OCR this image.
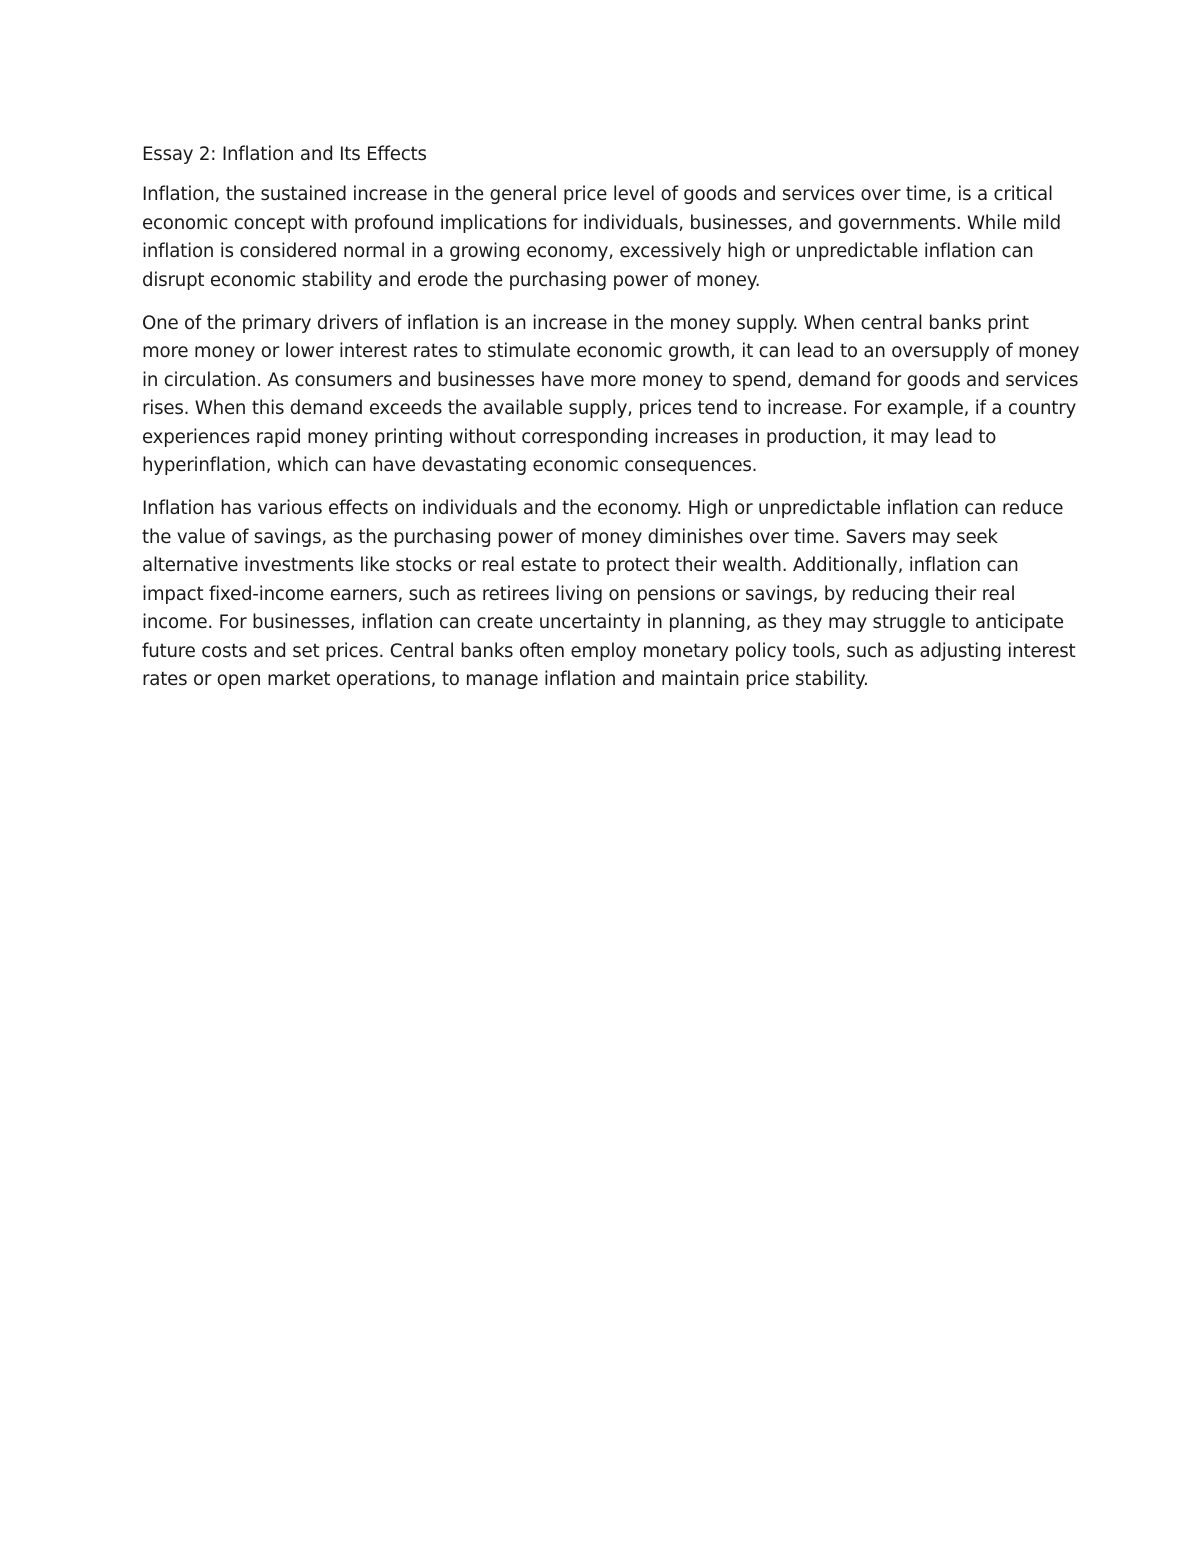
Essay 2: Inflation and Its Effects

Inflation, the sustained increase in the general price level of goods and services over time, is a critical
economic concept with profound implications for individuals, businesses, and governments. While mild
inflation is considered normal in a growing economy, excessively high or unpredictable inflation can
disrupt economic stability and erode the purchasing power of money.

One of the primary drivers of inflation is an increase in the money supply. When central banks print
more money or lower interest rates to stimulate economic growth, it can lead to an oversupply of money
in circulation. As consumers and businesses have more money to spend, demand for goods and services
rises. When this demand exceeds the available supply, prices tend to increase. For example, if a country
experiences rapid money printing without corresponding increases in production, it may lead to
hyperinflation, which can have devastating economic consequences.

Inflation has various effects on individuals and the economy. High or unpredictable inflation can reduce
the value of savings, as the purchasing power of money diminishes over time. Savers may seek
alternative investments like stocks or real estate to protect their wealth. Additionally, inflation can
impact fixed-income earners, such as retirees living on pensions or savings, by reducing their real
income. For businesses, inflation can create uncertainty in planning, as they may struggle to anticipate
future costs and set prices. Central banks often employ monetary policy tools, such as adjusting interest
rates or open market operations, to manage inflation and maintain price stability.
